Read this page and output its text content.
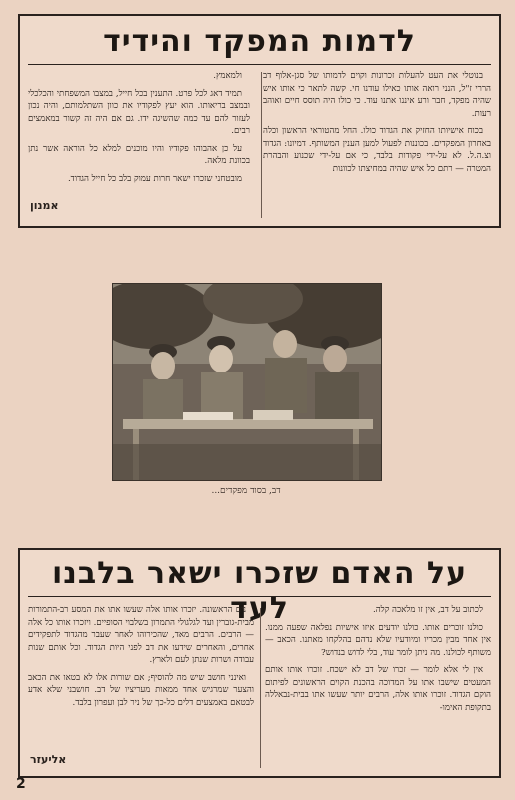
לדמות המפקד והידיד

בנוטלי את העט להעלות זכרונות וקוים לדמותו של סגן-אלוף דב הררי ז"ל, הנני רואה אותו כאילו עודנו חי. קשה לתאר כי אותו איש שהיה מפקד, חבר ורע איננו אתנו עוד. כי כולו היה תוסס חיים ואוהב רעות.

בכוח אישיותו החזיק את הגדוד כולו. החל מהטוראי הראשון וכלה באחרון המפקדים. בכוננות לפעול למען הענין המשותף. דמיונו: הגדוד וצ.ה.ל. לא על-ידי פקודות בלבד, כי אם על-ידי שכנוע והבהרת המטרה — רתם כל איש שהיה במחיצתו לכוונות

ולמאמץ.

תמיד דאג לכל פרט. התענין בכל חייל, במצבו המשפחתי והכלכלי ובמצב בריאותו. הוא יעץ לפקודיו את כוון השתלמותם, והיה נכון לעזור להם עד כמה שהשיגה ידו. גם אם היה זה קשור במאמצים רבים.

על כן אהבוהו פקודיו והיו מוכנים למלא כל הוראה אשר נתן בכוונת מלאה.

מובטחני שזכרו ישאר חרות עמוק בלב כל חייל הגדוד.

אמנון
דב, בסוד מפקדים...
על האדם שזכרו ישאר בלבנו לעד	לכתוב על דב, אין זו מלאכה קלה.

כולנו זוכרים אותו. כולנו יודעים איזו אישיות נפלאה שפעה ממנו. אין אחד מבין מכריו ומיודעיו שלא נדהם בהלקחו מאתנו. הכאב — משותף לכולנו. מה ניתן לומר עוד, בלי לדוש בנדוש?

אין לי אלא לומר — זכרו של דב לא ישכח. זוכרו אותו אותם המעטים שישבו אתו על המדוכה בהכנת הקוים הראשונים לפיתום הוקם הגדוד. זוכרו אותו אלה, הרבים יותר שעשו אתו בבית-נבאללה בתקופת האימו-

נים הראשונה. יזכרו אותו אלה שעשו אתו את המסע רב-התמורות מבית-גוברין ועד לגלגולי התמרון בשלבוי הסופיים. ויזכרו אותו כל אלה — הרבים. הרבים מאד, שהכירוהו לאחר שעבר מהגדוד לתפקידים אחרים, והאחרים שידעו את דב לפני היות הגדוד. וכל אותם שנות עבודה ושרות שנתן לעם ולארץ.

ואינני חושב שיש מה להוסיף; אם שורות אלו לא בטאו את הכאב והצער שמרגיש אחד ממאות מעריציו של דב. חושבני שלא אדע לבטאם באמצעים דלים כל-כך של ניר לבן ועפרון בלבד.

אליעזר
2
